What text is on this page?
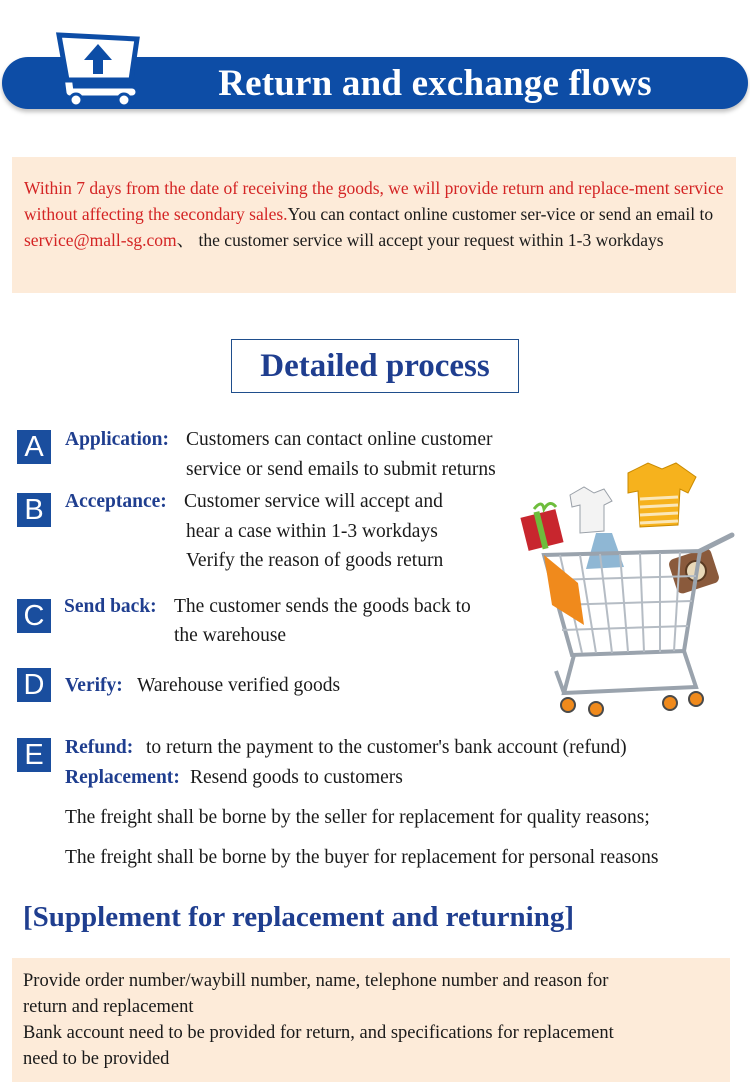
Return and exchange flows
Within 7 days from the date of receiving the goods, we will provide return and replace-ment service without affecting the secondary sales.You can contact online customer ser-vice or send an email to service@mall-sg.com、 the customer service will accept your request within 1-3 workdays
Detailed process
A	Application: Customers can contact online customer
service or send emails to submit returns
B	Acceptance: Customer service will accept and
hear a case within 1-3 workdays
Verify the reason of goods return
C	Send back: The customer sends the goods back to
the warehouse
D	Verify: Warehouse verified goods
E	Refund: to return the payment to the customer's bank account (refund)
Replacement: Resend goods to customers
The freight shall be borne by the seller for replacement for quality reasons;
The freight shall be borne by the buyer for replacement for personal reasons
[Supplement for replacement and returning]
Provide order number/waybill number, name, telephone number and reason for
return and replacement
Bank account need to be provided for return, and specifications for replacement
need to be provided
